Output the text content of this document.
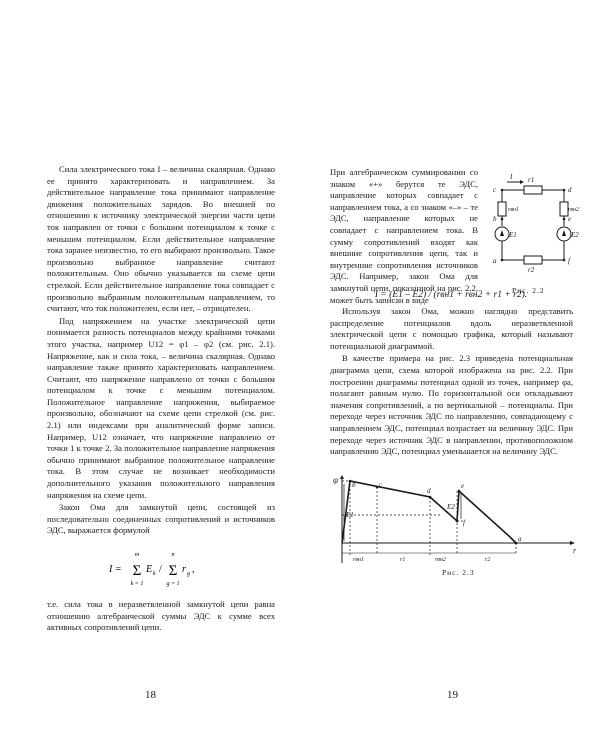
Сила электрического тока I – величина скалярная. Однако ее принято характеризовать и направлением. За действительное направление тока принимают направление движения положительных зарядов. Во внешней по отношению к источнику электрической энергии части цепи ток направлен от точки с большим потенциалом к точке с меньшим потенциалом. Если действительное направление тока заранее неизвестно, то его выбирают произвольно. Такое произвольно выбранное направление считают положительным. Оно обычно указывается на схеме цепи стрелкой. Если действительное направление тока совпадает с произвольно выбранным положительным направлением, то считают, что ток положителен, если нет, – отрицателен.

Под напряжением на участке электрической цепи понимается разность потенциалов между крайними точками этого участка, например U12 = φ1 – φ2 (см. рис. 2.1). Напряжение, как и сила тока, – величина скалярная. Однако направление также принято характеризовать направлением. Считают, что напряжение направлено от точки с большим потенциалом к точке с меньшим потенциалом. Положительное направление напряжения, выбираемое произвольно, обозначают на схеме цепи стрелкой (см. рис. 2.1) или индексами при аналитической форме записи. Например, U12 означает, что напряжение направлено от точки 1 к точке 2. За положительное направление напряжения обычно принимают выбранное положительное направление тока. В этом случае не возникает необходимости дополнительного указания положительного направления напряжения на схеме цепи.

Закон Ома для замкнутой цепи, состоящей из последовательно соединенных сопротивлений и источников ЭДС, выражается формулой

I =
m
Σ
k = 1
E k /
n
Σ
g = 1
r g ,

т.е. сила тока в неразветвленной замкнутой цепи равна отношению алгебраической суммы ЭДС к сумме всех активных сопротивлений цепи.

18
При алгебраическом суммировании со знаком «+» берутся те ЭДС, направление которых совпадает с направлением тока, а со знаком «–» – те ЭДС, направление которых не совпадает с направлением тока. В сумму сопротивлений входят как внешние сопротивления цепи, так и внутренние сопротивления источников ЭДС. Например, закон Ома для замкнутой цепи, показанной на рис. 2.2, может быть записан в виде
c
r1
d
b
rвн1
E1
e
rвн2
E2
a
r2
f
I
Рис. 2.2
I = (E1 – E2) / (rвн1 + rвн2 + r1 + r2).

Используя закон Ома, можно наглядно представить распределение потенциалов вдоль неразветвленной электрической цепи с помощью графика, который называют потенциальной диаграммой.

В качестве примера на рис. 2.3 приведена потенциальная диаграмма цепи, схема которой изображена на рис. 2.2. При построении диаграммы потенциал одной из точек, например φa, полагают равным нулю. По горизонтальной оси откладывают значения сопротивлений, а по вертикальной – потенциалы. При переходе через источник ЭДС по направлению, совпадающему с направлением ЭДС, потенциал возрастает на величину ЭДС. При переходе через источник ЭДС в направлении, противоположном направлению ЭДС, потенциал уменьшается на величину ЭДС.

φ
r
b	c
d
e
f
a
E1
E2
rвн1	r1	rвн2	r2
Рис. 2.3
19
